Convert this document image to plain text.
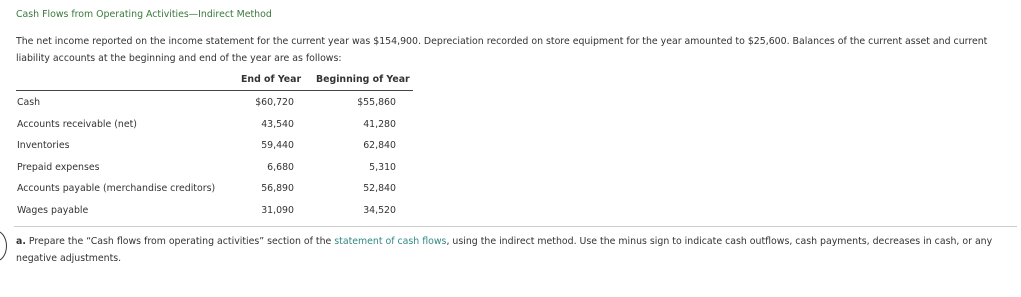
Cash Flows from Operating Activities—Indirect Method
The net income reported on the income statement for the current year was $154,900. Depreciation recorded on store equipment for the year amounted to $25,600. Balances of the current asset and current liability accounts at the beginning and end of the year are as follows:
End of Year Beginning of Year
Cash	$60,720	$55,860
Accounts receivable (net)	43,540	41,280
Inventories	59,440	62,840
Prepaid expenses	6,680	5,310
Accounts payable (merchandise creditors)	56,890	52,840
Wages payable	31,090	34,520
a. Prepare the “Cash flows from operating activities” section of the statement of cash flows, using the indirect method. Use the minus sign to indicate cash outflows, cash payments, decreases in cash, or any negative adjustments.
